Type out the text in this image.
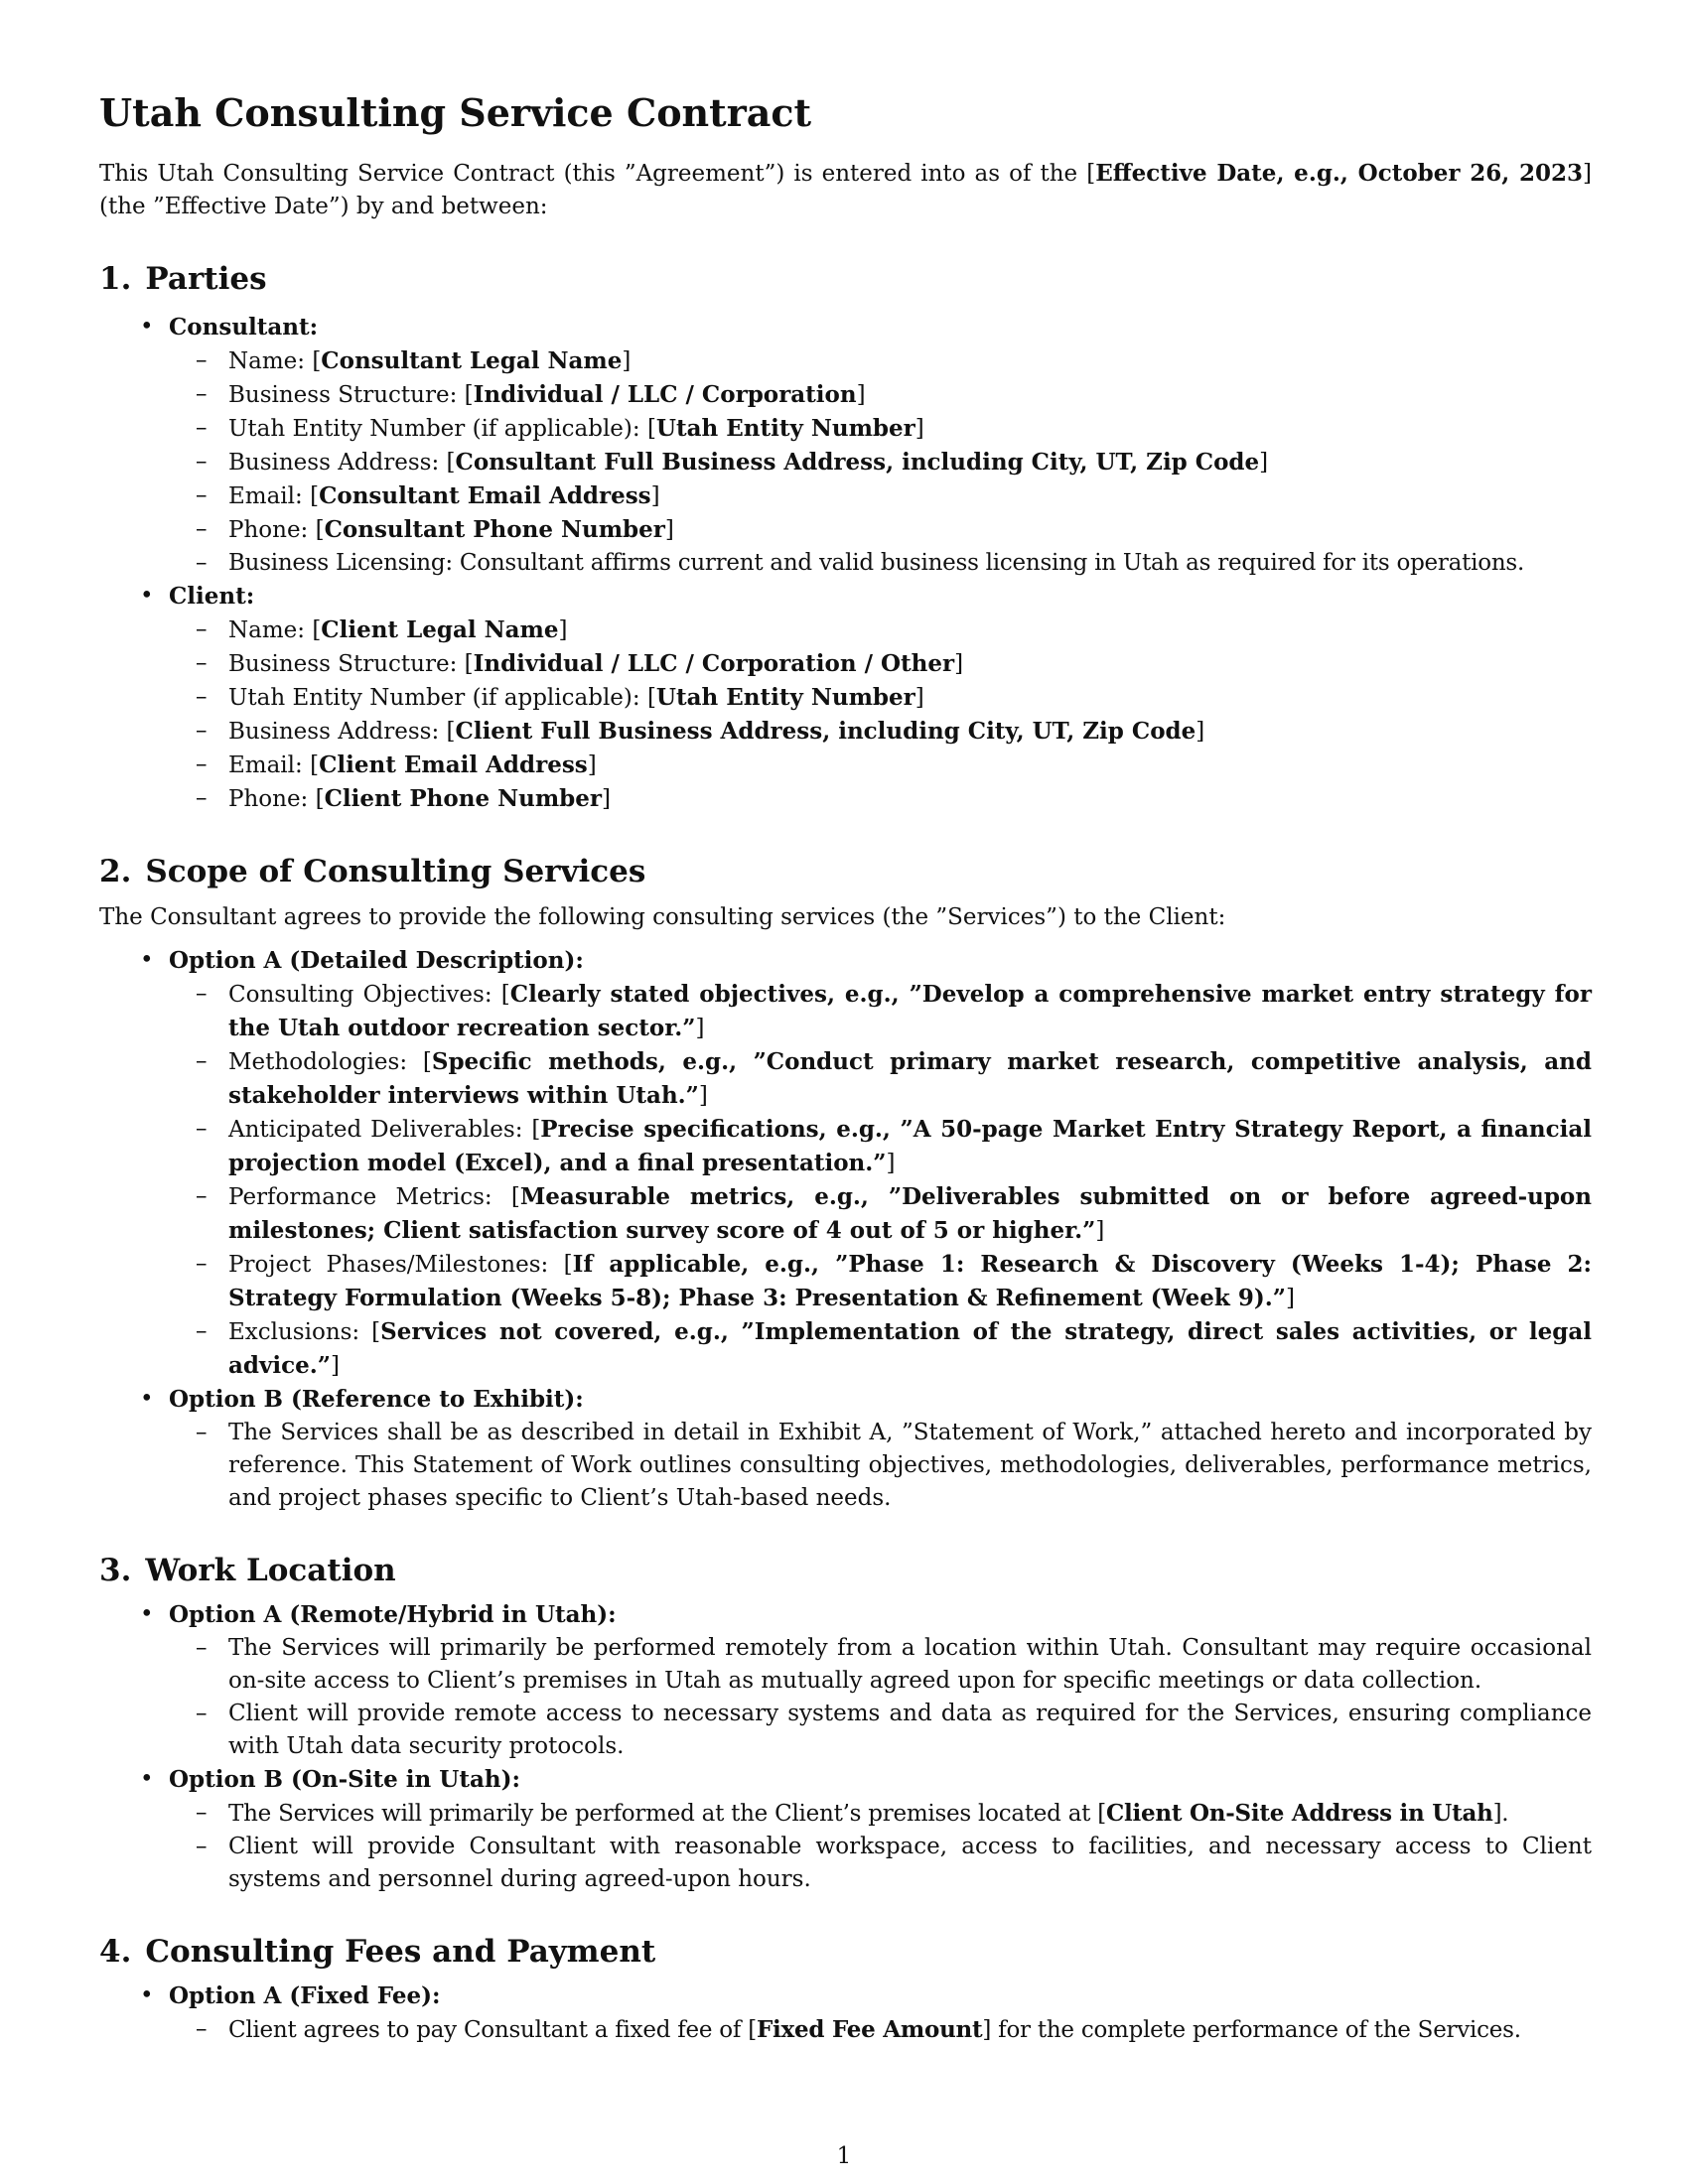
Utah Consulting Service Contract

This Utah Consulting Service Contract (this ”Agreement”) is entered into as of the [Effective Date, e.g., October 26, 2023] (the ”Effective Date”) by and between:

1. Parties
• Consultant:
– Name: [Consultant Legal Name]
– Business Structure: [Individual / LLC / Corporation]
– Utah Entity Number (if applicable): [Utah Entity Number]
– Business Address: [Consultant Full Business Address, including City, UT, Zip Code]
– Email: [Consultant Email Address]
– Phone: [Consultant Phone Number]
– Business Licensing: Consultant affirms current and valid business licensing in Utah as required for its operations.
• Client:
– Name: [Client Legal Name]
– Business Structure: [Individual / LLC / Corporation / Other]
– Utah Entity Number (if applicable): [Utah Entity Number]
– Business Address: [Client Full Business Address, including City, UT, Zip Code]
– Email: [Client Email Address]
– Phone: [Client Phone Number]
2. Scope of Consulting Services

The Consultant agrees to provide the following consulting services (the ”Services”) to the Client:

• Option A (Detailed Description):
– Consulting Objectives: [Clearly stated objectives, e.g., ”Develop a comprehensive market entry strategy for the Utah outdoor recreation sector.”]
– Methodologies: [Specific methods, e.g., ”Conduct primary market research, competitive analysis, and stakeholder interviews within Utah.”]
– Anticipated Deliverables: [Precise specifications, e.g., ”A 50-page Market Entry Strategy Report, a financial projection model (Excel), and a final presentation.”]
– Performance Metrics: [Measurable metrics, e.g., ”Deliverables submitted on or before agreed-upon milestones; Client satisfaction survey score of 4 out of 5 or higher.”]
– Project Phases/Milestones: [If applicable, e.g., ”Phase 1: Research & Discovery (Weeks 1-4); Phase 2: Strategy Formulation (Weeks 5-8); Phase 3: Presentation & Refinement (Week 9).”]
– Exclusions: [Services not covered, e.g., ”Implementation of the strategy, direct sales activities, or legal advice.”]
• Option B (Reference to Exhibit):
– The Services shall be as described in detail in Exhibit A, ”Statement of Work,” attached hereto and incorporated by reference. This Statement of Work outlines consulting objectives, methodologies, deliverables, performance metrics, and project phases specific to Client’s Utah-based needs.
3. Work Location
• Option A (Remote/Hybrid in Utah):
– The Services will primarily be performed remotely from a location within Utah. Consultant may require occasional on-site access to Client’s premises in Utah as mutually agreed upon for specific meetings or data collection.
– Client will provide remote access to necessary systems and data as required for the Services, ensuring compliance with Utah data security protocols.
• Option B (On-Site in Utah):
– The Services will primarily be performed at the Client’s premises located at [Client On-Site Address in Utah].
– Client will provide Consultant with reasonable workspace, access to facilities, and necessary access to Client systems and personnel during agreed-upon hours.
4. Consulting Fees and Payment
• Option A (Fixed Fee):
– Client agrees to pay Consultant a fixed fee of [Fixed Fee Amount] for the complete performance of the Services.
1
